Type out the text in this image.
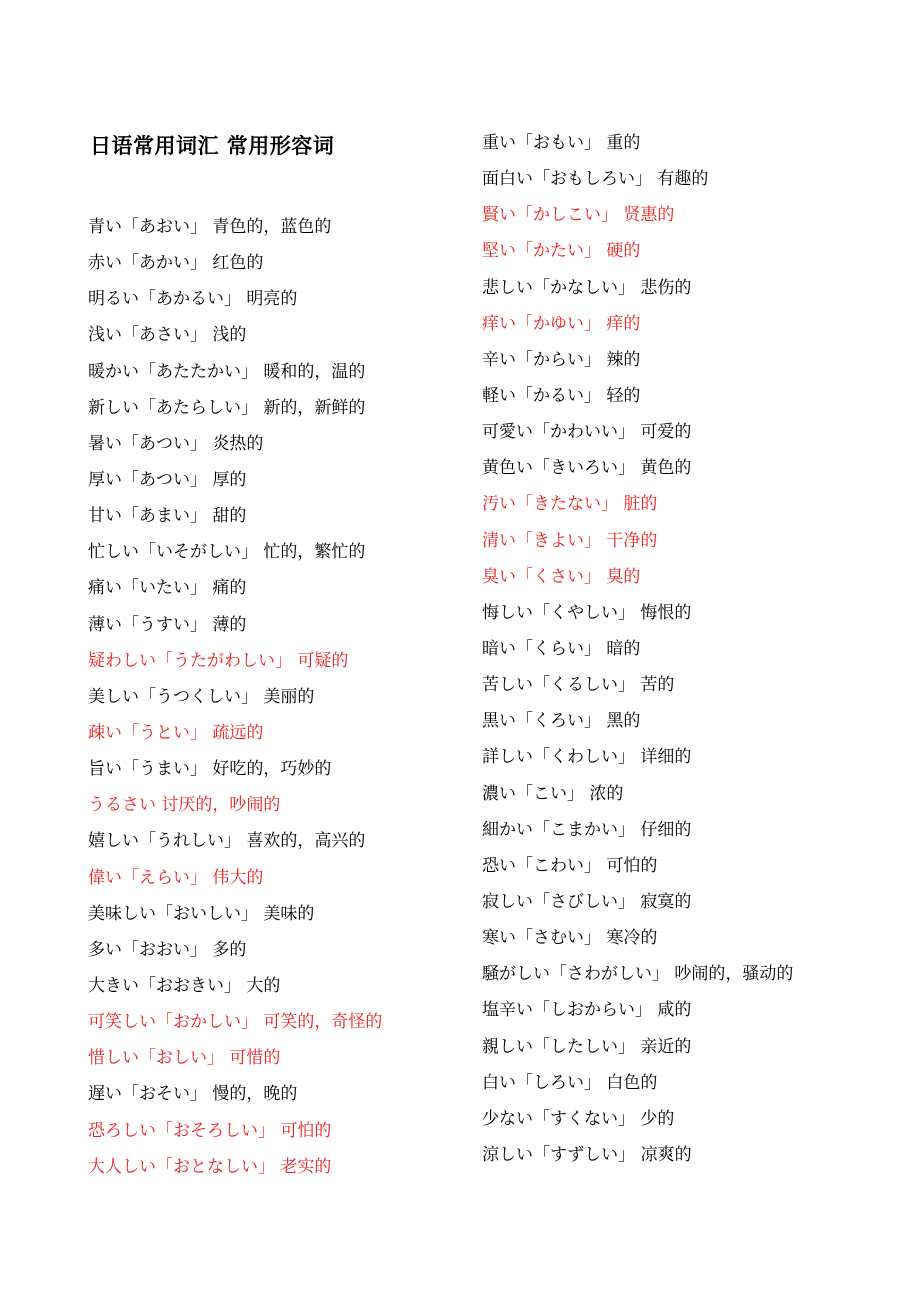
日语常用词汇 常用形容词
青い「あおい」 青色的，蓝色的
赤い「あかい」 红色的
明るい「あかるい」 明亮的
浅い「あさい」 浅的
暖かい「あたたかい」 暖和的，温的
新しい「あたらしい」 新的，新鲜的
暑い「あつい」 炎热的
厚い「あつい」 厚的
甘い「あまい」 甜的
忙しい「いそがしい」 忙的，繁忙的
痛い「いたい」 痛的
薄い「うすい」 薄的
疑わしい「うたがわしい」 可疑的
美しい「うつくしい」 美丽的
疎い「うとい」 疏远的
旨い「うまい」 好吃的，巧妙的
うるさい 讨厌的，吵闹的
嬉しい「うれしい」 喜欢的，高兴的
偉い「えらい」 伟大的
美味しい「おいしい」 美味的
多い「おおい」 多的
大きい「おおきい」 大的
可笑しい「おかしい」 可笑的，奇怪的
惜しい「おしい」 可惜的
遅い「おそい」 慢的，晚的
恐ろしい「おそろしい」 可怕的
大人しい「おとなしい」 老实的
重い「おもい」 重的
面白い「おもしろい」 有趣的
賢い「かしこい」 贤惠的
堅い「かたい」 硬的
悲しい「かなしい」 悲伤的
痒い「かゆい」 痒的
辛い「からい」 辣的
軽い「かるい」 轻的
可愛い「かわいい」 可爱的
黄色い「きいろい」 黄色的
汚い「きたない」 脏的
清い「きよい」 干净的
臭い「くさい」 臭的
悔しい「くやしい」 悔恨的
暗い「くらい」 暗的
苦しい「くるしい」 苦的
黒い「くろい」 黑的
詳しい「くわしい」 详细的
濃い「こい」 浓的
細かい「こまかい」 仔细的
恐い「こわい」 可怕的
寂しい「さびしい」 寂寞的
寒い「さむい」 寒冷的
騒がしい「さわがしい」 吵闹的，骚动的
塩辛い「しおからい」 咸的
親しい「したしい」 亲近的
白い「しろい」 白色的
少ない「すくない」 少的
涼しい「すずしい」 凉爽的
